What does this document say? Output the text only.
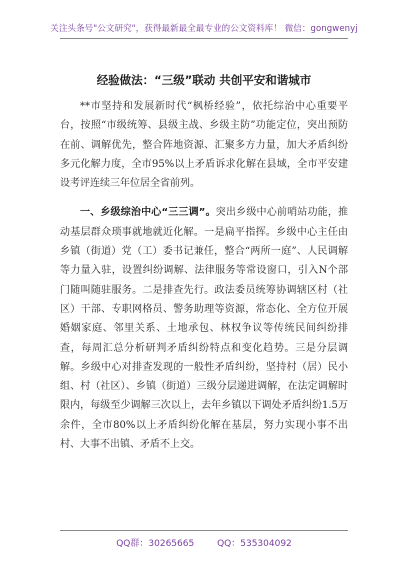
关注头条号"公文研究"，获得最新最全最专业的公文资料库！ 微信：gongwenyj
经验做法：“三级”联动 共创平安和谐城市

**市坚持和发展新时代“枫桥经验”，依托综治中心重要平台，按照“市级统筹、县级主战、乡级主防”功能定位，突出预防在前、调解优先，整合阵地资源、汇聚多方力量，加大矛盾纠纷多元化解力度，全市95%以上矛盾诉求化解在县域，全市平安建设考评连续三年位居全省前列。

一、乡级综治中心“三三调”。突出乡级中心前哨站功能，推动基层群众琐事就地就近化解。一是扁平指挥。乡级中心主任由乡镇（街道）党（工）委书记兼任，整合“两所一庭”、人民调解等力量入驻，设置纠纷调解、法律服务等常设窗口，引入N个部门随叫随驻服务。二是排查先行。政法委员统筹协调辖区村（社区）干部、专职网格员、警务助理等资源，常态化、全方位开展婚姻家庭、邻里关系、土地承包、林权争议等传统民间纠纷排查，每周汇总分析研判矛盾纠纷特点和变化趋势。三是分层调解。乡级中心对排查发现的一般性矛盾纠纷，坚持村（居）民小组、村（社区）、乡镇（街道）三级分层递进调解，在法定调解时限内，每级至少调解三次以上，去年乡镇以下调处矛盾纠纷1.5万余件，全市80%以上矛盾纠纷化解在基层，努力实现小事不出村、大事不出镇、矛盾不上交。

QQ群：30265665	QQ：535304092
